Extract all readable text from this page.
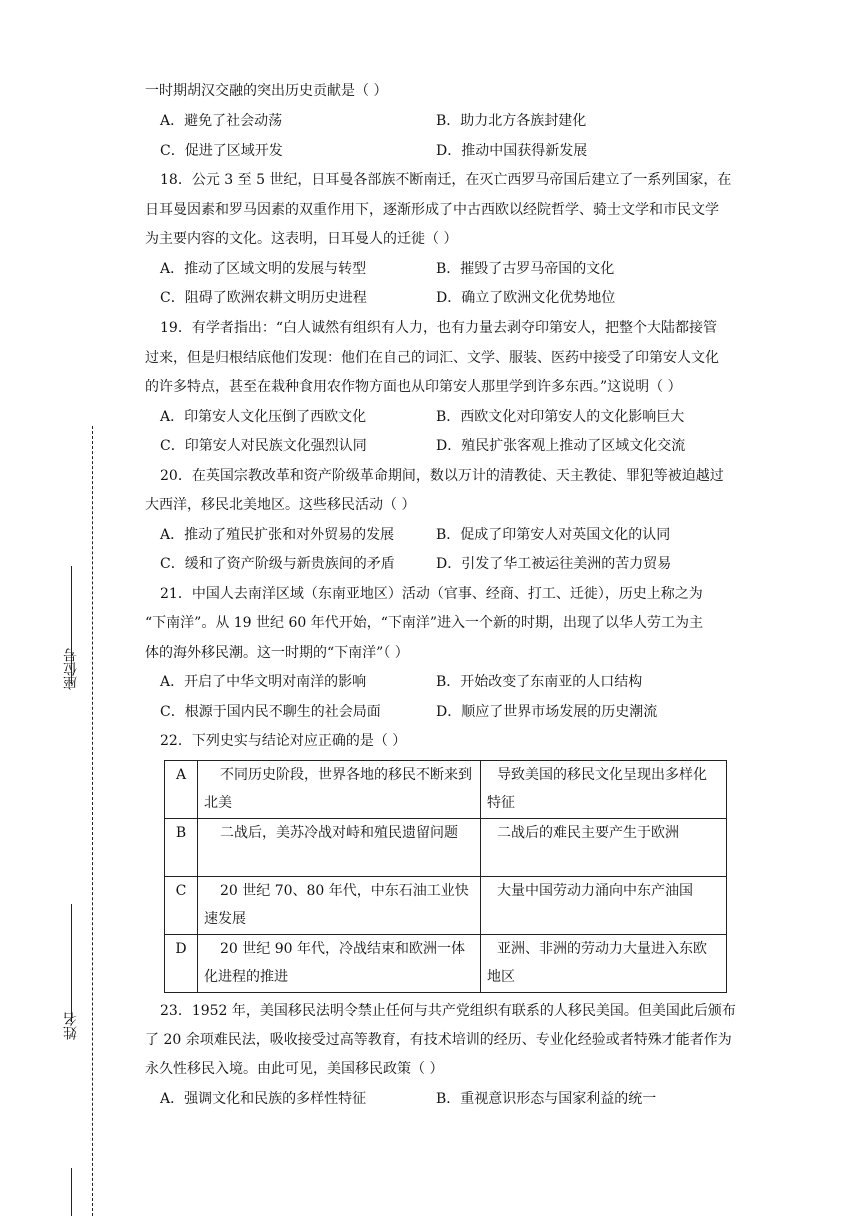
座位号
姓名
一时期胡汉交融的突出历史贡献是（ ）
A．避免了社会动荡	B．助力北方各族封建化
C．促进了区域开发	D．推动中国获得新发展
18．公元 3 至 5 世纪，日耳曼各部族不断南迁，在灭亡西罗马帝国后建立了一系列国家，在
日耳曼因素和罗马因素的双重作用下，逐渐形成了中古西欧以经院哲学、骑士文学和市民文学
为主要内容的文化。这表明，日耳曼人的迁徙（ ）
A．推动了区域文明的发展与转型	B．摧毁了古罗马帝国的文化
C．阻碍了欧洲农耕文明历史进程	D．确立了欧洲文化优势地位
19．有学者指出：“白人诚然有组织有人力，也有力量去剥夺印第安人，把整个大陆都接管
过来，但是归根结底他们发现：他们在自己的词汇、文学、服装、医药中接受了印第安人文化
的许多特点，甚至在栽种食用农作物方面也从印第安人那里学到许多东西。”这说明（ ）
A．印第安人文化压倒了西欧文化	B．西欧文化对印第安人的文化影响巨大
C．印第安人对民族文化强烈认同	D．殖民扩张客观上推动了区域文化交流
20．在英国宗教改革和资产阶级革命期间，数以万计的清教徒、天主教徒、罪犯等被迫越过
大西洋，移民北美地区。这些移民活动（ ）
A．推动了殖民扩张和对外贸易的发展	B．促成了印第安人对英国文化的认同
C．缓和了资产阶级与新贵族间的矛盾	D．引发了华工被运往美洲的苦力贸易
21．中国人去南洋区域（东南亚地区）活动（官事、经商、打工、迁徙），历史上称之为
“下南洋”。从 19 世纪 60 年代开始，“下南洋”进入一个新的时期，出现了以华人劳工为主
体的海外移民潮。这一时期的“下南洋”（ ）
A．开启了中华文明对南洋的影响	B．开始改变了东南亚的人口结构
C．根源于国内民不聊生的社会局面	D．顺应了世界市场发展的历史潮流
22．下列史实与结论对应正确的是（ ）
A	不同历史阶段，世界各地的移民不断来到北美	导致美国的移民文化呈现出多样化特征
B	二战后，美苏冷战对峙和殖民遗留问题	二战后的难民主要产生于欧洲
C	20 世纪 70、80 年代，中东石油工业快速发展	大量中国劳动力涌向中东产油国
D	20 世纪 90 年代，冷战结束和欧洲一体化进程的推进	亚洲、非洲的劳动力大量进入东欧地区
23．1952 年，美国移民法明令禁止任何与共产党组织有联系的人移民美国。但美国此后颁布
了 20 余项难民法，吸收接受过高等教育，有技术培训的经历、专业化经验或者特殊才能者作为
永久性移民入境。由此可见，美国移民政策（ ）
A．强调文化和民族的多样性特征	B．重视意识形态与国家利益的统一
